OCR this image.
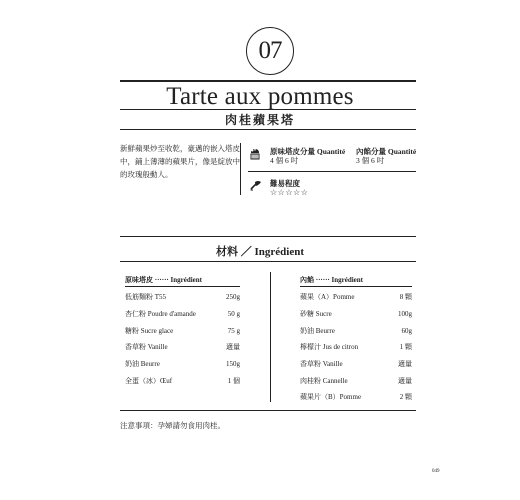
07
Tarte aux pommes
肉桂蘋果塔
新鮮蘋果炒至收乾，豪邁的嵌入塔皮中，鋪上薄薄的蘋果片，像是綻放中的玫瑰般動人。
原味塔皮分量 Quantité
4 個 6 吋
內餡分量 Quantité
3 個 6 吋
難易程度
☆☆☆☆☆
材料 ／ Ingrédient
原味塔皮 ······ Ingrédient
低筋麵粉 T55	250g
杏仁粉 Poudre d'amande	50 g
糖粉 Sucre glace	75 g
香草粉 Vanille	適量
奶油 Beurre	150g
全蛋（冰）Œuf	1 個
內餡 ······ Ingrédient
蘋果（A）Pomme	8 顆
砂糖 Sucre	100g
奶油 Beurre	60g
檸檬汁 Jus de citron	1 顆
香草粉 Vanille	適量
肉桂粉 Cannelle	適量
蘋果片（B）Pomme	2 顆
注意事項：孕婦請勿食用肉桂。
049
